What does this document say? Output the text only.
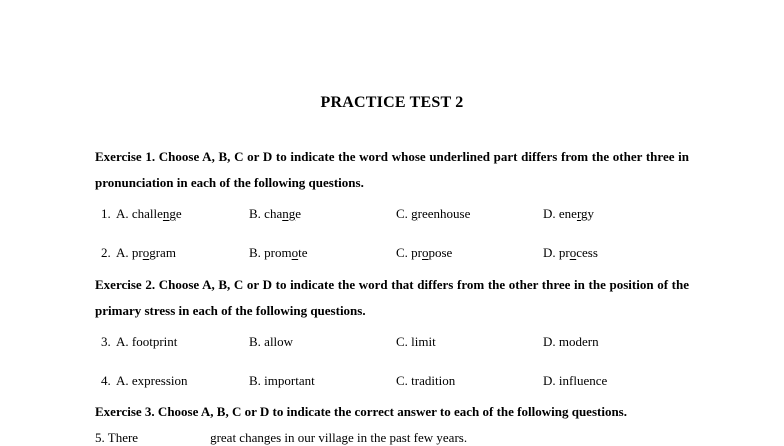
PRACTICE TEST 2
Exercise 1. Choose A, B, C or D to indicate the word whose underlined part differs from the other three in pronunciation in each of the following questions.
1. A. challenge	B. change	C. greenhouse	D. energy
2. A. program	B. promote	C. propose	D. process
Exercise 2. Choose A, B, C or D to indicate the word that differs from the other three in the position of the primary stress in each of the following questions.
3. A. footprint	B. allow	C. limit	D. modern
4. A. expression	B. important	C. tradition	D. influence
Exercise 3. Choose A, B, C or D to indicate the correct answer to each of the following questions.
5. There	great changes in our village in the past few years.
